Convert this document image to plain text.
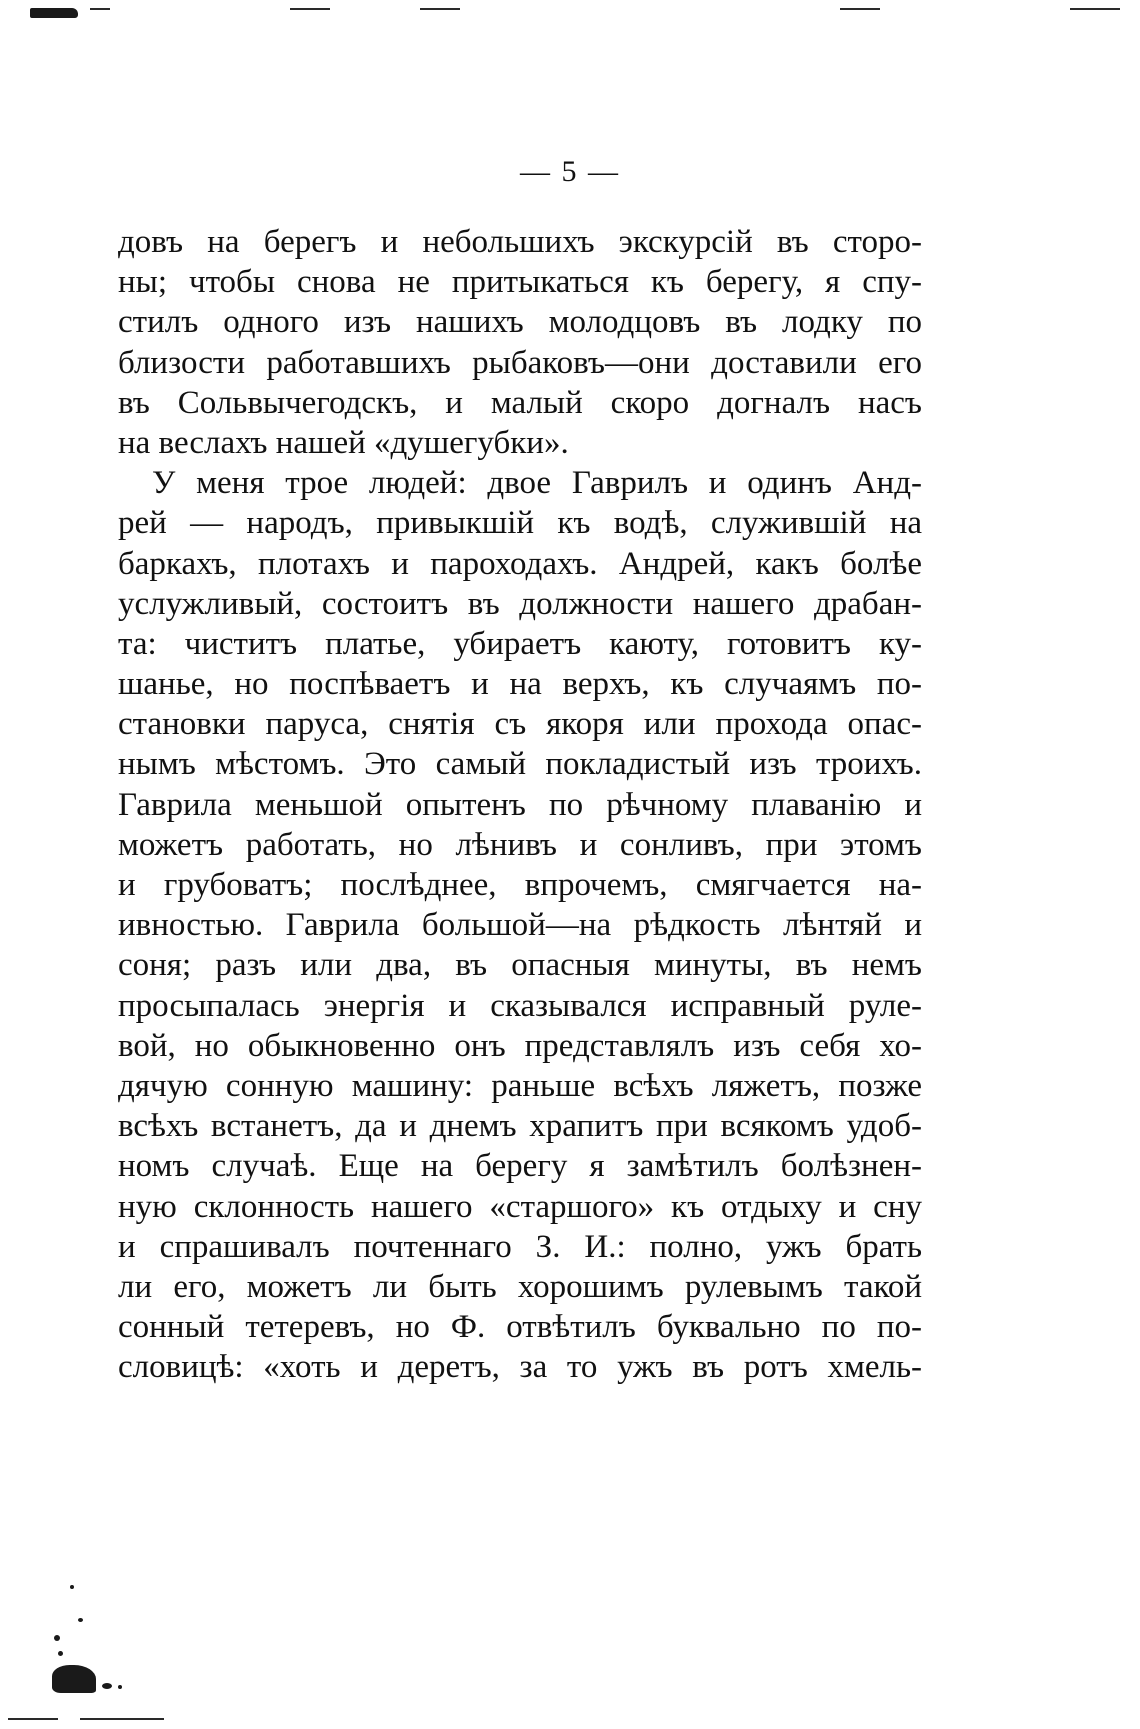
— 5 —
довъ на берегъ и небольшихъ экскурсій въ сторо-
ны; чтобы снова не притыкаться къ берегу, я спу-
стилъ одного изъ нашихъ молодцовъ въ лодку по
близости работавшихъ рыбаковъ—они доставили его
въ Сольвычегодскъ, и малый скоро догналъ насъ
на веслахъ нашей «душегубки».
У меня трое людей: двое Гаврилъ и одинъ Анд-
рей — народъ, привыкшій къ водѣ, служившій на
баркахъ, плотахъ и пароходахъ. Андрей, какъ болѣе
услужливый, состоитъ въ должности нашего драбан-
та: чиститъ платье, убираетъ каюту, готовитъ ку-
шанье, но поспѣваетъ и на верхъ, къ случаямъ по-
становки паруса, снятія съ якоря или прохода опас-
нымъ мѣстомъ. Это самый покладистый изъ троихъ.
Гаврила меньшой опытенъ по рѣчному плаванію и
можетъ работать, но лѣнивъ и сонливъ, при этомъ
и грубоватъ; послѣднее, впрочемъ, смягчается на-
ивностью. Гаврила большой—на рѣдкость лѣнтяй и
соня; разъ или два, въ опасныя минуты, въ немъ
просыпалась энергія и сказывался исправный руле-
вой, но обыкновенно онъ представлялъ изъ себя хо-
дячую сонную машину: раньше всѣхъ ляжетъ, позже
всѣхъ встанетъ, да и днемъ храпитъ при всякомъ удоб-
номъ случаѣ. Еще на берегу я замѣтилъ болѣзнен-
ную склонность нашего «старшого» къ отдыху и сну
и спрашивалъ почтеннаго З. И.: полно, ужъ брать
ли его, можетъ ли быть хорошимъ рулевымъ такой
сонный тетеревъ, но Ф. отвѣтилъ буквально по по-
словицѣ: «хоть и деретъ, за то ужъ въ ротъ хмель-
